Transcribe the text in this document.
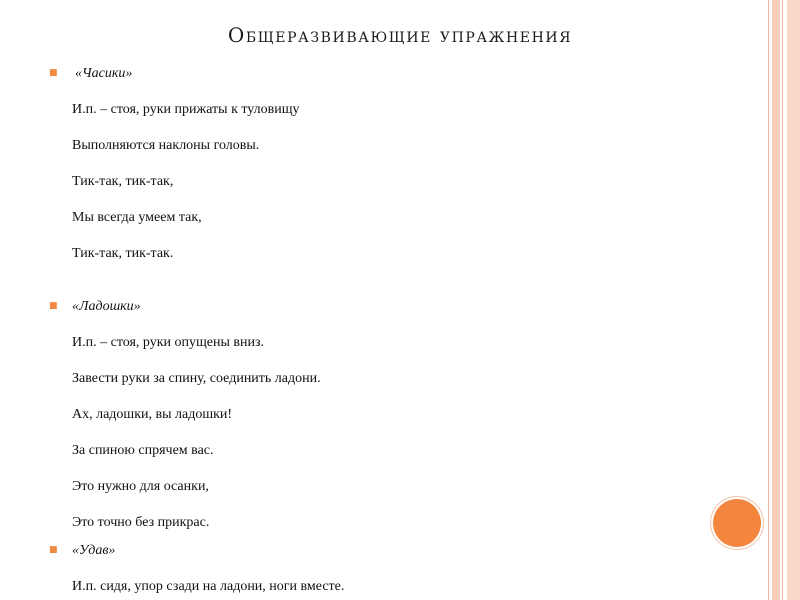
Общеразвивающие упражнения
■ «Часики»
И.п. – стоя, руки прижаты к туловищу
Выполняются наклоны головы.
Тик-так, тик-так,
Мы всегда умеем так,
Тик-так, тик-так.
■ «Ладошки»
И.п. – стоя, руки опущены вниз.
Завести руки за спину, соединить ладони.
Ах, ладошки, вы ладошки!
За спиною спрячем вас.
Это нужно для осанки,
Это точно без прикрас.
■ «Удав»
И.п. сидя, упор сзади на ладони, ноги вместе.
